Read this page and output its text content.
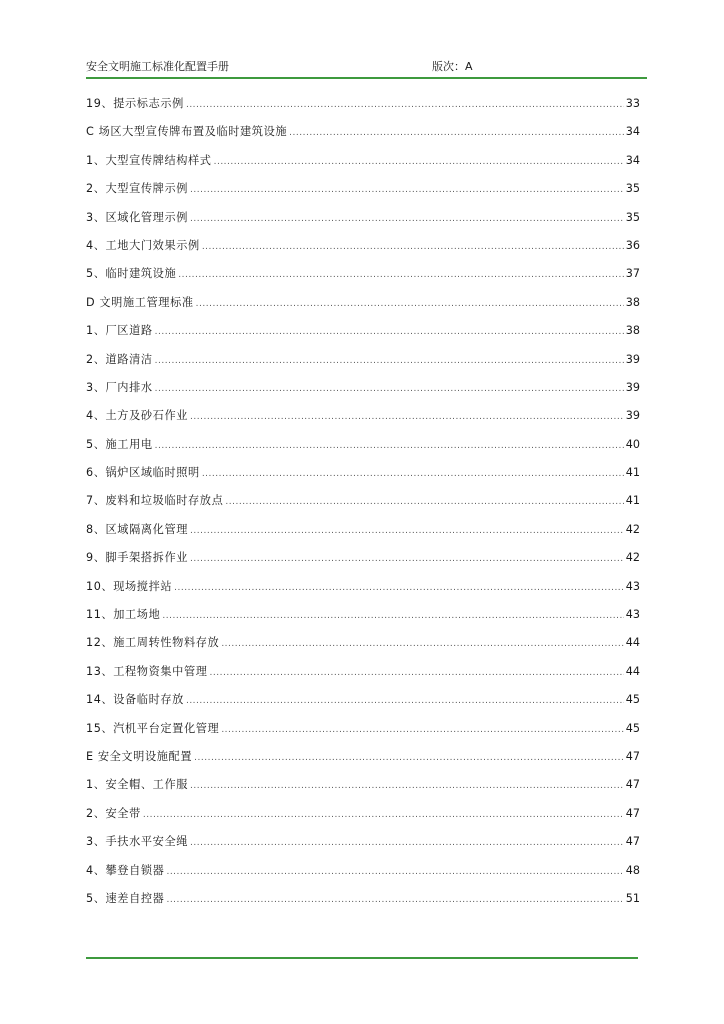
安全文明施工标准化配置手册	版次：A
19、提示标志示例 .....	33
C 场区大型宣传牌布置及临时建筑设施 .....	34
1、大型宣传牌结构样式 .....	34
2、大型宣传牌示例 .....	35
3、区域化管理示例 .....	35
4、工地大门效果示例 .....	36
5、临时建筑设施 .....	37
D 文明施工管理标准 .....	38
1、厂区道路 .....	38
2、道路清洁 .....	39
3、厂内排水 .....	39
4、土方及砂石作业 .....	39
5、施工用电 .....	40
6、锅炉区域临时照明 .....	41
7、废料和垃圾临时存放点 .....	41
8、区域隔离化管理 .....	42
9、脚手架搭拆作业 .....	42
10、现场搅拌站 .....	43
11、加工场地 .....	43
12、施工周转性物料存放 .....	44
13、工程物资集中管理 .....	44
14、设备临时存放 .....	45
15、汽机平台定置化管理 .....	45
E 安全文明设施配置 .....	47
1、安全帽、工作服 .....	47
2、安全带 .....	47
3、手扶水平安全绳 .....	47
4、攀登自锁器 .....	48
5、速差自控器 .....	51
